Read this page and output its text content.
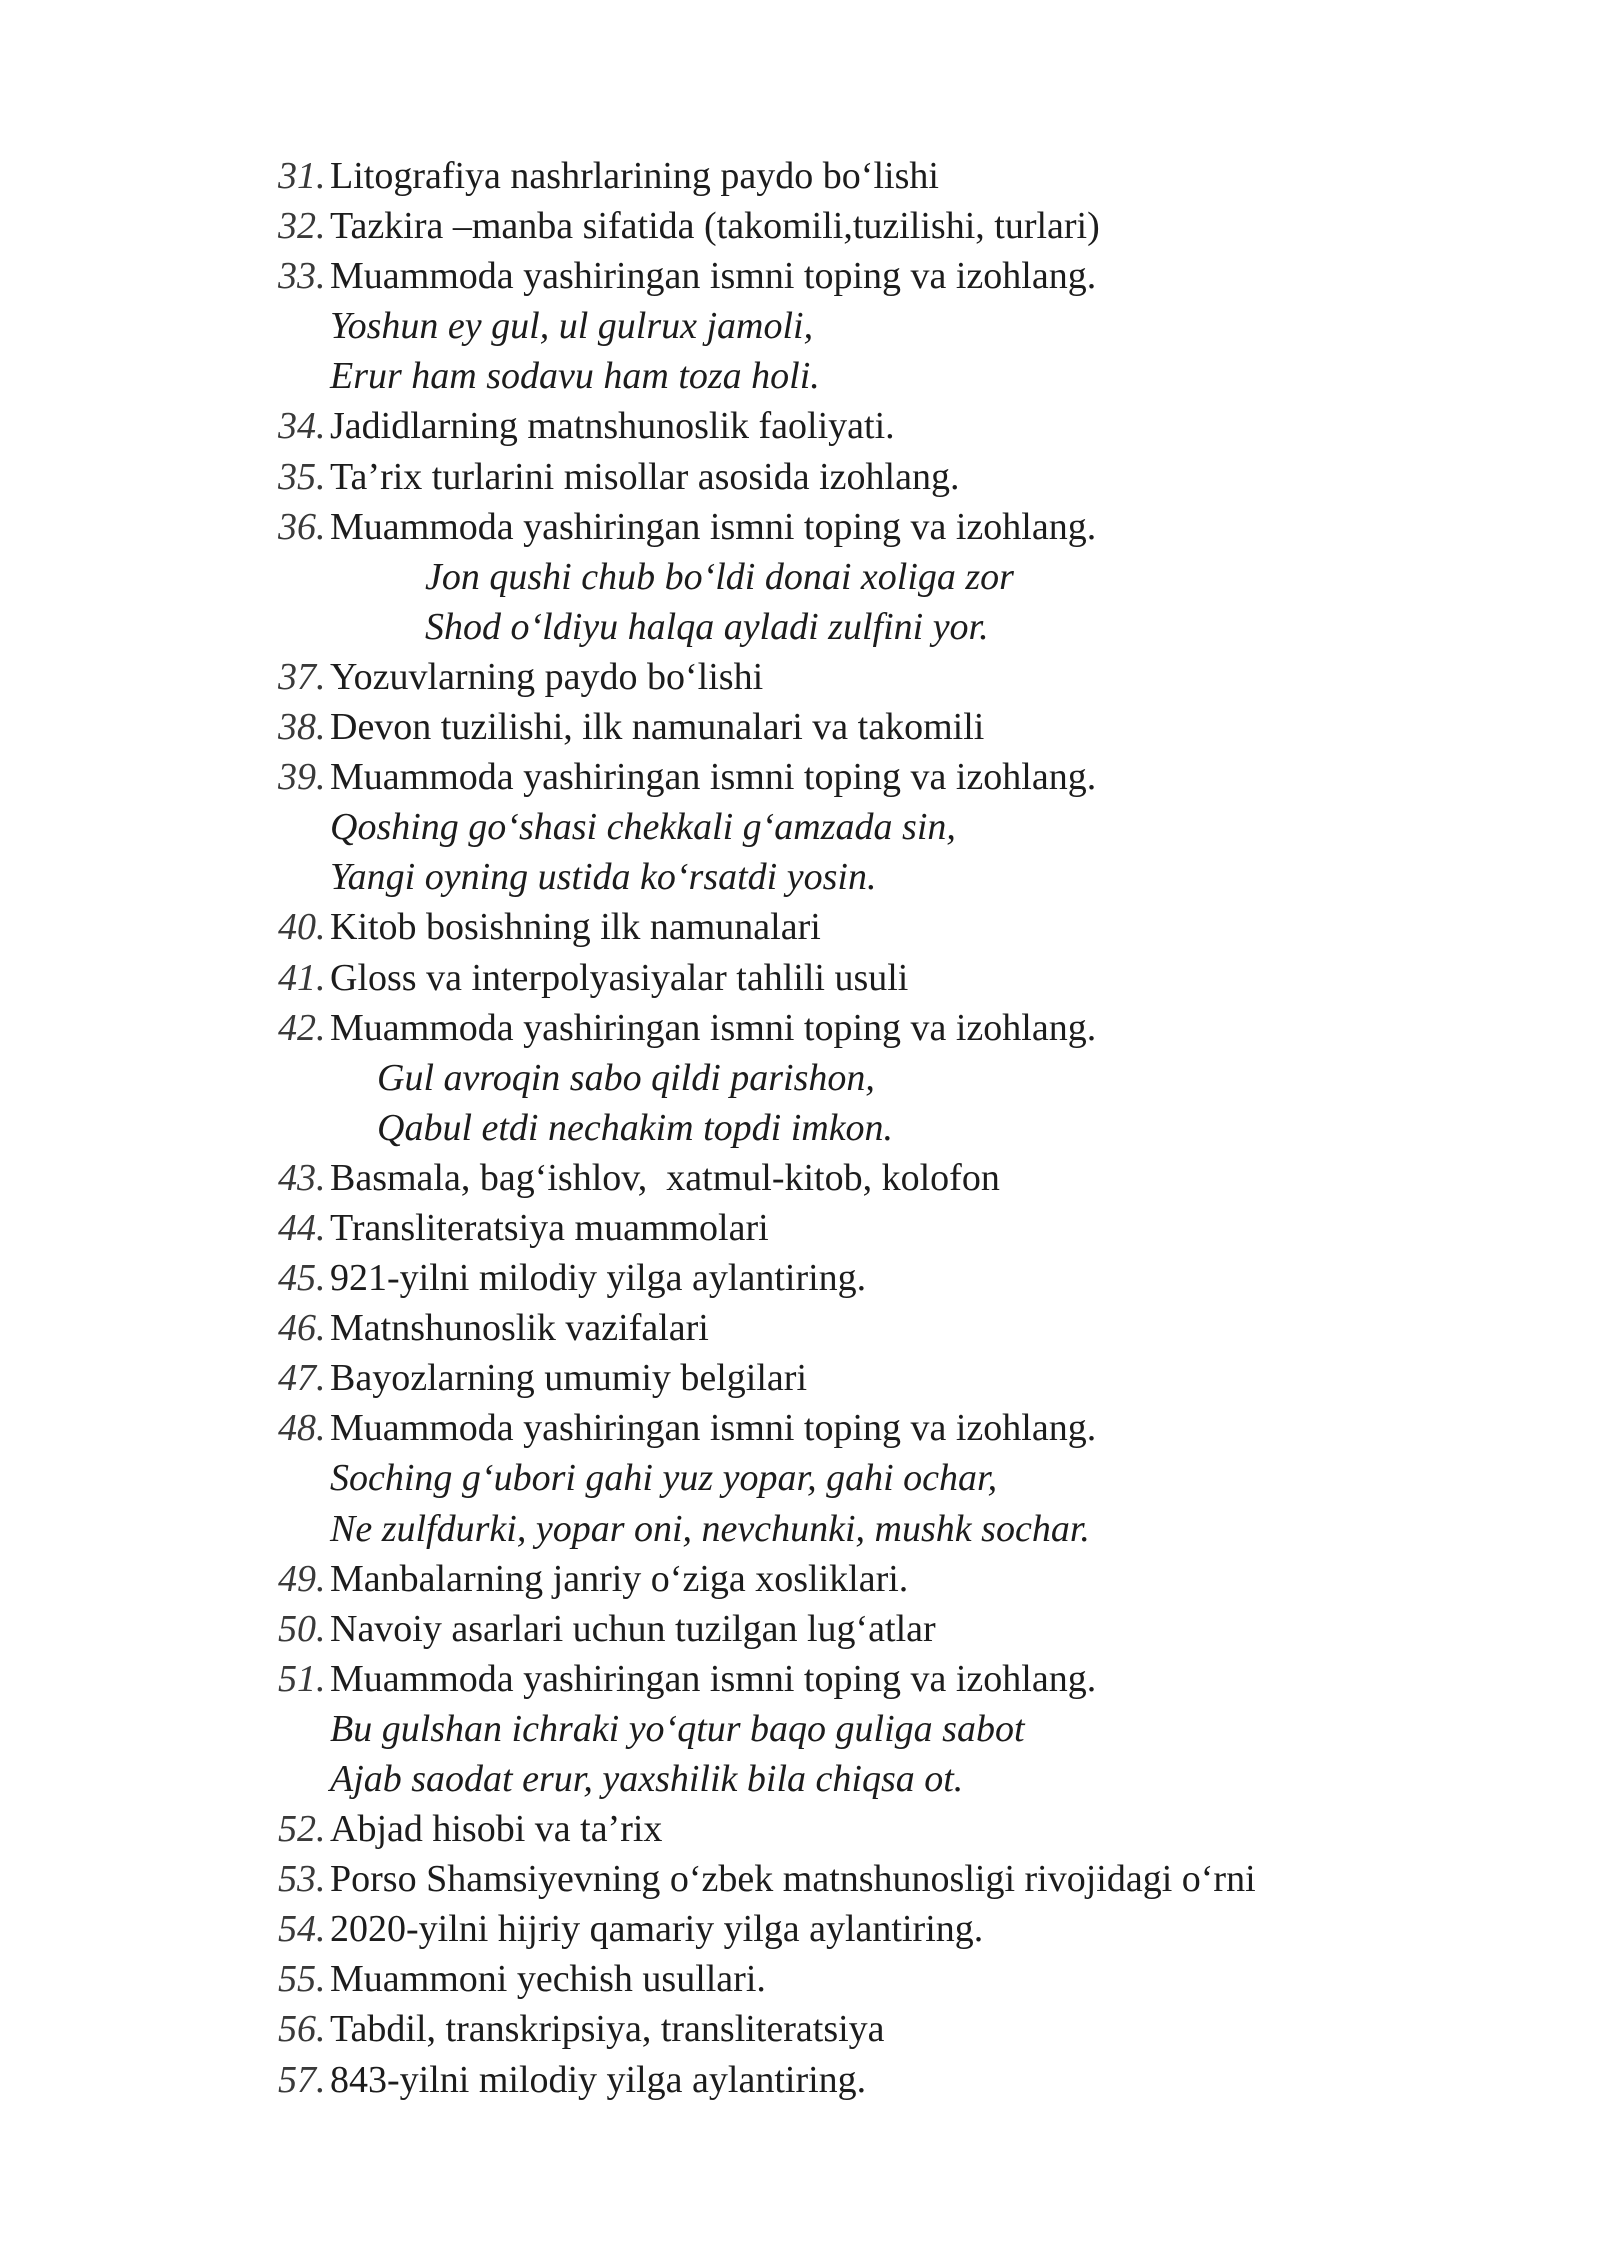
31. Litografiya nashrlarining paydo bo‘lishi
32. Tazkira –manba sifatida (takomili,tuzilishi, turlari)
33. Muammoda yashiringan ismni toping va izohlang.
Yoshun ey gul, ul gulrux jamoli,
Erur ham sodavu ham toza holi.
34. Jadidlarning matnshunoslik faoliyati.
35. Ta’rix turlarini misollar asosida izohlang.
36. Muammoda yashiringan ismni toping va izohlang.
Jon qushi chub bo‘ldi donai xoliga zor
Shod o‘ldiyu halqa ayladi zulfini yor.
37. Yozuvlarning paydo bo‘lishi
38. Devon tuzilishi, ilk namunalari va takomili
39. Muammoda yashiringan ismni toping va izohlang.
Qoshing go‘shasi chekkali g‘amzada sin,
Yangi oyning ustida ko‘rsatdi yosin.
40. Kitob bosishning ilk namunalari
41. Gloss va interpolyasiyalar tahlili usuli
42. Muammoda yashiringan ismni toping va izohlang.
Gul avroqin sabo qildi parishon,
Qabul etdi nechakim topdi imkon.
43. Basmala, bag‘ishlov,  xatmul-kitob, kolofon
44. Transliteratsiya muammolari
45. 921-yilni milodiy yilga aylantiring.
46. Matnshunoslik vazifalari
47. Bayozlarning umumiy belgilari
48. Muammoda yashiringan ismni toping va izohlang.
Soching g‘ubori gahi yuz yopar, gahi ochar,
Ne zulfdurki, yopar oni, nevchunki, mushk sochar.
49. Manbalarning janriy o‘ziga xosliklari.
50. Navoiy asarlari uchun tuzilgan lug‘atlar
51. Muammoda yashiringan ismni toping va izohlang.
Bu gulshan ichraki yo‘qtur baqo guliga sabot
Ajab saodat erur, yaxshilik bila chiqsa ot.
52. Abjad hisobi va ta’rix
53. Porso Shamsiyevning o‘zbek matnshunosligi rivojidagi o‘rni
54. 2020-yilni hijriy qamariy yilga aylantiring.
55. Muammoni yechish usullari.
56. Tabdil, transkripsiya, transliteratsiya
57. 843-yilni milodiy yilga aylantiring.
